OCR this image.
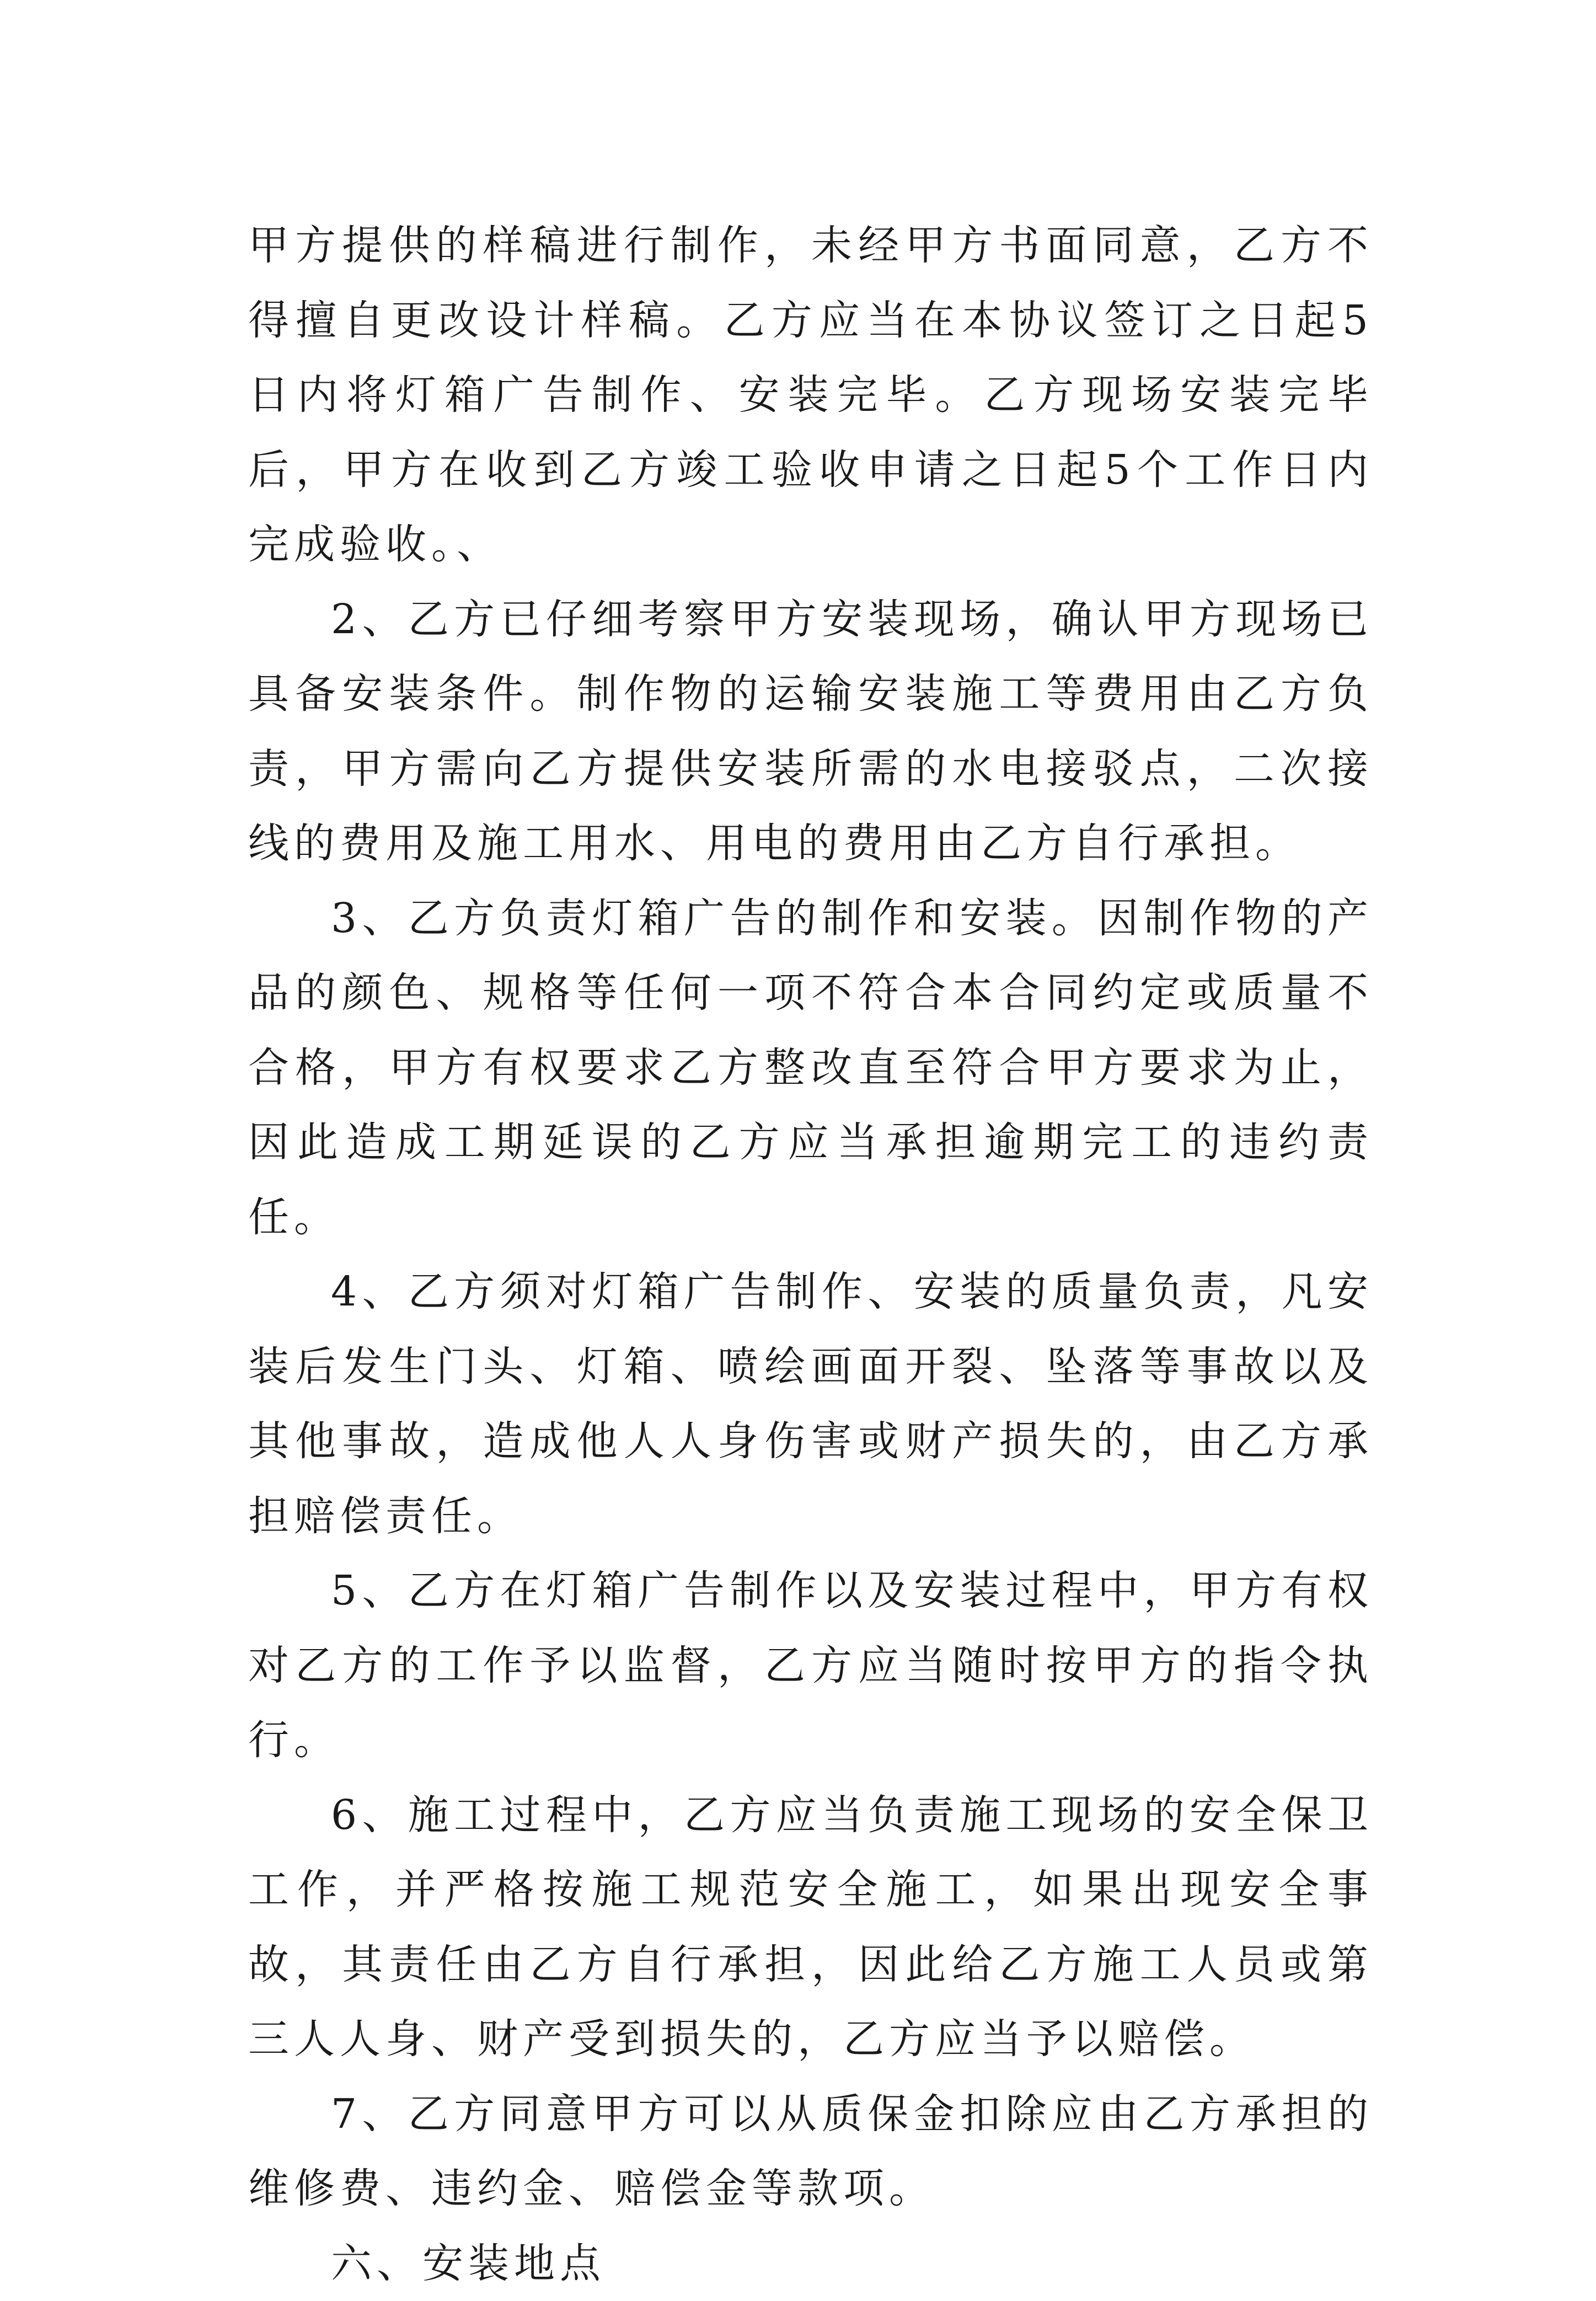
甲方提供的样稿进行制作，未经甲方书面同意，乙方不得擅自更改设计样稿。乙方应当在本协议签订之日起5日内将灯箱广告制作、安装完毕。乙方现场安装完毕后，甲方在收到乙方竣工验收申请之日起5个工作日内完成验收。、

2、乙方已仔细考察甲方安装现场，确认甲方现场已具备安装条件。制作物的运输安装施工等费用由乙方负责，甲方需向乙方提供安装所需的水电接驳点，二次接线的费用及施工用水、用电的费用由乙方自行承担。

3、乙方负责灯箱广告的制作和安装。因制作物的产品的颜色、规格等任何一项不符合本合同约定或质量不合格，甲方有权要求乙方整改直至符合甲方要求为止，因此造成工期延误的乙方应当承担逾期完工的违约责任。

4、乙方须对灯箱广告制作、安装的质量负责，凡安装后发生门头、灯箱、喷绘画面开裂、坠落等事故以及其他事故，造成他人人身伤害或财产损失的，由乙方承担赔偿责任。

5、乙方在灯箱广告制作以及安装过程中，甲方有权对乙方的工作予以监督，乙方应当随时按甲方的指令执行。

6、施工过程中，乙方应当负责施工现场的安全保卫工作，并严格按施工规范安全施工，如果出现安全事故，其责任由乙方自行承担，因此给乙方施工人员或第三人人身、财产受到损失的，乙方应当予以赔偿。

7、乙方同意甲方可以从质保金扣除应由乙方承担的维修费、违约金、赔偿金等款项。

六、安装地点
